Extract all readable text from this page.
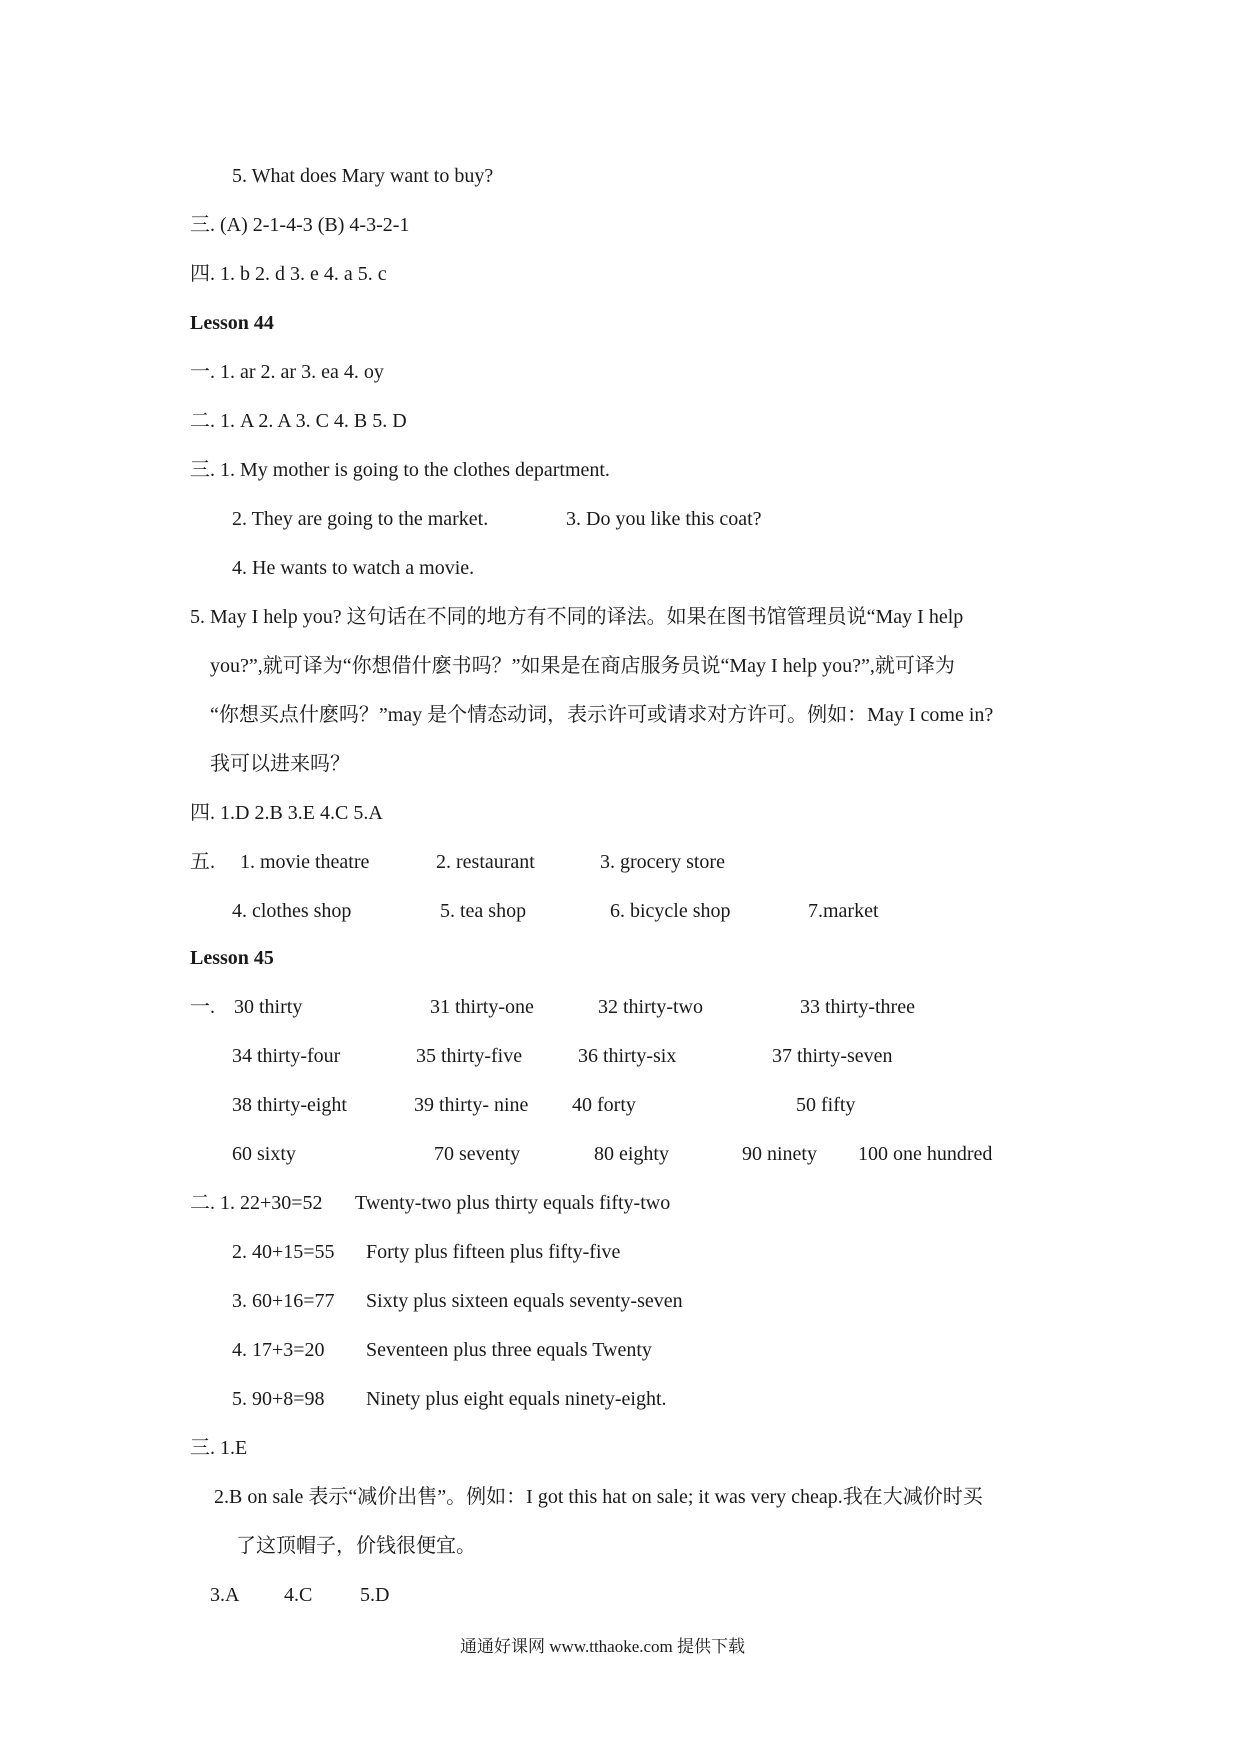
5. What does Mary want to buy?
三. (A) 2-1-4-3 (B) 4-3-2-1
四. 1. b 2. d 3. e 4. a 5. c
Lesson 44
一. 1. ar 2. ar 3. ea 4. oy
二. 1. A 2. A 3. C 4. B 5. D
三. 1. My mother is going to the clothes department.
2. They are going to the market.	3. Do you like this coat?
4. He wants to watch a movie.
5. May I help you? 这句话在不同的地方有不同的译法。如果在图书馆管理员说“May I help
you?”,就可译为“你想借什麽书吗？”如果是在商店服务员说“May I help you?”,就可译为
“你想买点什麽吗？”may 是个情态动词，表示许可或请求对方许可。例如：May I come in?
我可以进来吗？
四. 1.D 2.B 3.E 4.C 5.A
五. 1. movie theatre	2. restaurant	3. grocery store
4. clothes shop	5. tea shop	6. bicycle shop	7.market
Lesson 45
一. 30 thirty	31 thirty-one	32 thirty-two	33 thirty-three
34 thirty-four	35 thirty-five	36 thirty-six	37 thirty-seven
38 thirty-eight	39 thirty- nine 40 forty	50 fifty
60 sixty	70 seventy	80 eighty	90 ninety 100 one hundred
二. 1. 22+30=52 Twenty-two plus thirty equals fifty-two
2. 40+15=55 Forty plus fifteen plus fifty-five
3. 60+16=77 Sixty plus sixteen equals seventy-seven
4. 17+3=20 Seventeen plus three equals Twenty
5. 90+8=98 Ninety plus eight equals ninety-eight.
三. 1.E
2.B on sale 表示“减价出售”。例如：I got this hat on sale; it was very cheap.我在大减价时买
了这顶帽子，价钱很便宜。
3.A 4.C 5.D
通通好课网 www.tthaoke.com 提供下载
